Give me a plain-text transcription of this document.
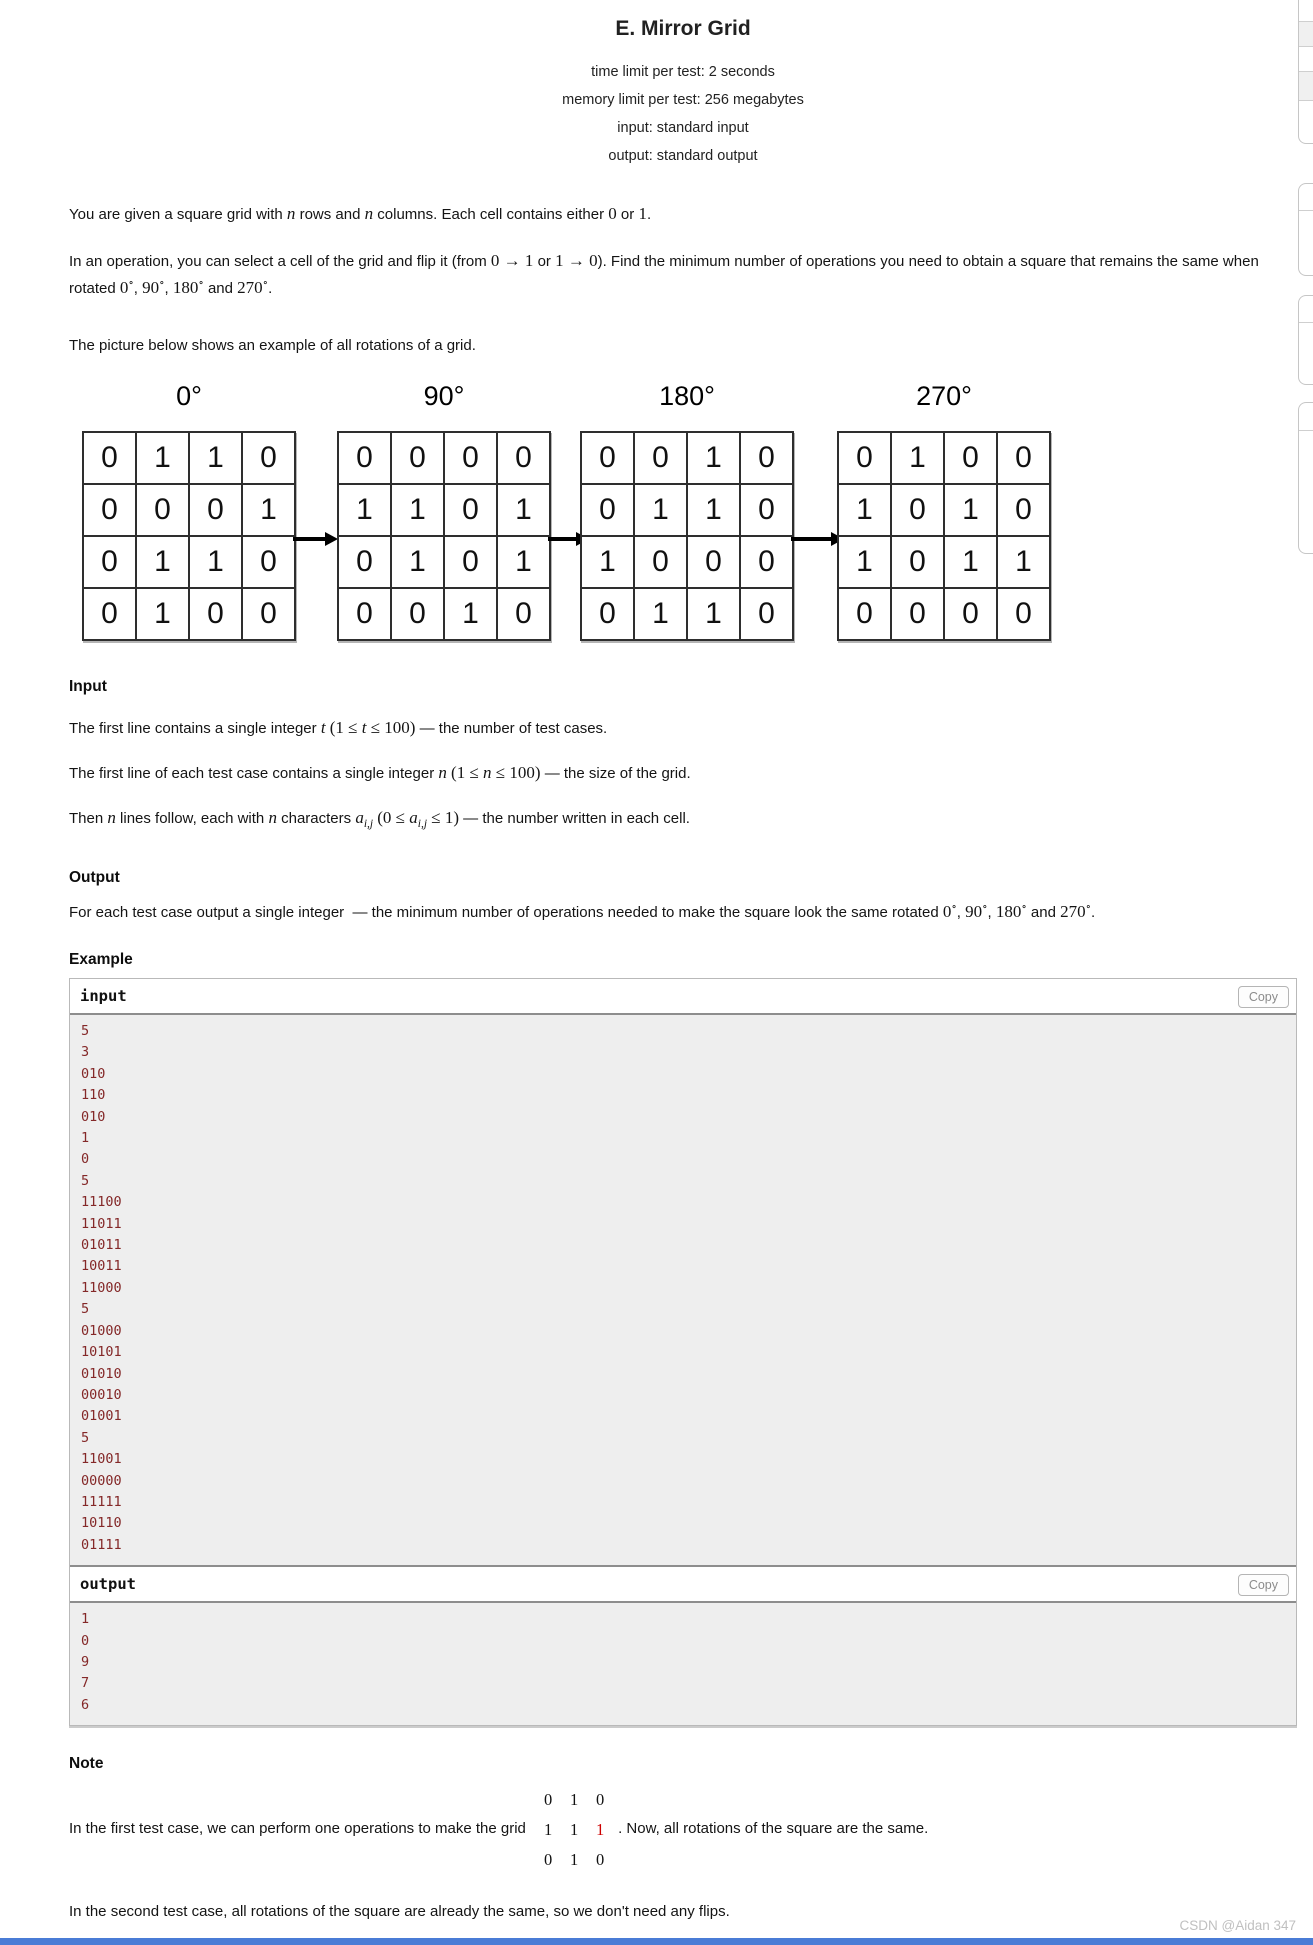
E. Mirror Grid
time limit per test: 2 seconds
memory limit per test: 256 megabytes
input: standard input
output: standard output
You are given a square grid with n rows and n columns. Each cell contains either 0 or 1.
In an operation, you can select a cell of the grid and flip it (from 0 → 1 or 1 → 0). Find the minimum number of operations you need to obtain a square that remains the same when rotated 0∘, 90∘, 180∘ and 270∘.
The picture below shows an example of all rotations of a grid.
0°
0	1	1	0
0	0	0	1
0	1	1	0
0	1	0	0
90°
0	0	0	0
1	1	0	1
0	1	0	1
0	0	1	0
180°
0	0	1	0
0	1	1	0
1	0	0	0
0	1	1	0
270°
0	1	0	0
1	0	1	0
1	0	1	1
0	0	0	0
Input
The first line contains a single integer t (1 ≤ t ≤ 100) — the number of test cases.
The first line of each test case contains a single integer n (1 ≤ n ≤ 100) — the size of the grid.
Then n lines follow, each with n characters $a_{i,j}$ $(0 \le a_{i,j} \le 1)$ — the number written in each cell.
Output
For each test case output a single integer  — the minimum number of operations needed to make the square look the same rotated 0∘, 90∘, 180∘ and 270∘.
Example
input	Copy
5
3
010
110
010
1
0
5
11100
11011
01011
10011
11000
5
01000
10101
01010
00010
01001
5
11001
00000
11111
10110
01111
output	Copy
1
0
9
7
6
Note
In the first test case, we can perform one operations to make the grid 0	1	0
1	1	1
0	1	0. Now, all rotations of the square are the same.
In the second test case, all rotations of the square are already the same, so we don't need any flips.
CSDN @Aidan 347
